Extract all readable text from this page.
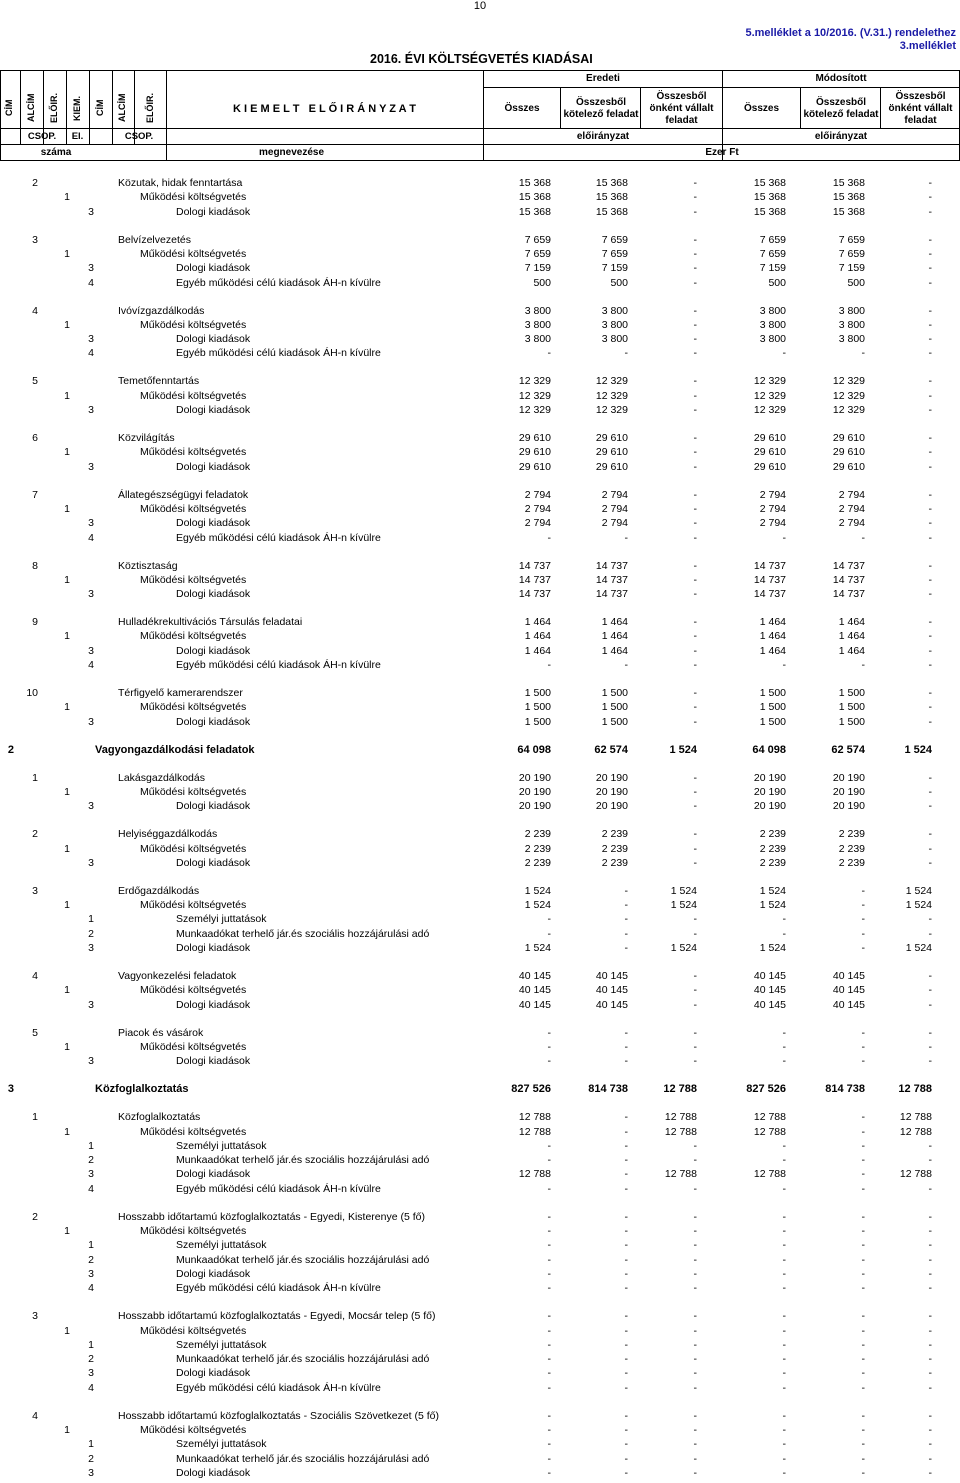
10
5.melléklet a 10/2016. (V.31.) rendelethez
3.melléklet
2016. ÉVI KÖLTSÉGVETÉS KIADÁSAI
CÍM ALCÍM ELŐIR. KIEM. CÍM ALCÍM ELŐIR.	K I E M E L T   E L Ő I R Á N Y Z A T
Eredeti	Módosított
Összes
Összesből kötelező feladat
Összesből önként vállalt feladat
Összes
Összesből kötelező feladat
Összesből önként vállalt feladat
CSOP.	El.	CSOP.	előirányzat	előirányzat
száma	megnevezése	Ezer Ft
2	Közutak, hidak fenntartása	15 368	15 368	-	15 368	15 368	-
1	Működési költségvetés	15 368	15 368	-	15 368	15 368	-
3	Dologi kiadások	15 368	15 368	-	15 368	15 368	-
3	Belvízelvezetés	7 659	7 659	-	7 659	7 659	-
1	Működési költségvetés	7 659	7 659	-	7 659	7 659	-
3	Dologi kiadások	7 159	7 159	-	7 159	7 159	-
4	Egyéb működési célú kiadások ÁH-n kívülre	500	500	-	500	500	-
4	Ivóvízgazdálkodás	3 800	3 800	-	3 800	3 800	-
1	Működési költségvetés	3 800	3 800	-	3 800	3 800	-
3	Dologi kiadások	3 800	3 800	-	3 800	3 800	-
4	Egyéb működési célú kiadások ÁH-n kívülre	-	-	-	-	-	-
5	Temetőfenntartás	12 329	12 329	-	12 329	12 329	-
1	Működési költségvetés	12 329	12 329	-	12 329	12 329	-
3	Dologi kiadások	12 329	12 329	-	12 329	12 329	-
6	Közvilágítás	29 610	29 610	-	29 610	29 610	-
1	Működési költségvetés	29 610	29 610	-	29 610	29 610	-
3	Dologi kiadások	29 610	29 610	-	29 610	29 610	-
7	Állategészségügyi feladatok	2 794	2 794	-	2 794	2 794	-
1	Működési költségvetés	2 794	2 794	-	2 794	2 794	-
3	Dologi kiadások	2 794	2 794	-	2 794	2 794	-
4	Egyéb működési célú kiadások ÁH-n kívülre	-	-	-	-	-	-
8	Köztisztaság	14 737	14 737	-	14 737	14 737	-
1	Működési költségvetés	14 737	14 737	-	14 737	14 737	-
3	Dologi kiadások	14 737	14 737	-	14 737	14 737	-
9	Hulladékrekultivációs Társulás feladatai	1 464	1 464	-	1 464	1 464	-
1	Működési költségvetés	1 464	1 464	-	1 464	1 464	-
3	Dologi kiadások	1 464	1 464	-	1 464	1 464	-
4	Egyéb működési célú kiadások ÁH-n kívülre	-	-	-	-	-	-
10	Térfigyelő kamerarendszer	1 500	1 500	-	1 500	1 500	-
1	Működési költségvetés	1 500	1 500	-	1 500	1 500	-
3	Dologi kiadások	1 500	1 500	-	1 500	1 500	-
2	Vagyongazdálkodási feladatok	64 098	62 574	1 524	64 098	62 574	1 524
1	Lakásgazdálkodás	20 190	20 190	-	20 190	20 190	-
1	Működési költségvetés	20 190	20 190	-	20 190	20 190	-
3	Dologi kiadások	20 190	20 190	-	20 190	20 190	-
2	Helyiséggazdálkodás	2 239	2 239	-	2 239	2 239	-
1	Működési költségvetés	2 239	2 239	-	2 239	2 239	-
3	Dologi kiadások	2 239	2 239	-	2 239	2 239	-
3	Erdőgazdálkodás	1 524	-	1 524	1 524	-	1 524
1	Működési költségvetés	1 524	-	1 524	1 524	-	1 524
1	Személyi juttatások	-	-	-	-	-	-
2	Munkaadókat terhelő jár.és szociális hozzájárulási adó	-	-	-	-	-	-
3	Dologi kiadások	1 524	-	1 524	1 524	-	1 524
4	Vagyonkezelési feladatok	40 145	40 145	-	40 145	40 145	-
1	Működési költségvetés	40 145	40 145	-	40 145	40 145	-
3	Dologi kiadások	40 145	40 145	-	40 145	40 145	-
5	Piacok és vásárok	-	-	-	-	-	-
1	Működési költségvetés	-	-	-	-	-	-
3	Dologi kiadások	-	-	-	-	-	-
3	Közfoglalkoztatás	827 526	814 738	12 788	827 526	814 738	12 788
1	Közfoglalkoztatás	12 788	-	12 788	12 788	-	12 788
1	Működési költségvetés	12 788	-	12 788	12 788	-	12 788
1	Személyi juttatások	-	-	-	-	-	-
2	Munkaadókat terhelő jár.és szociális hozzájárulási adó	-	-	-	-	-	-
3	Dologi kiadások	12 788	-	12 788	12 788	-	12 788
4	Egyéb működési célú kiadások ÁH-n kívülre	-	-	-	-	-	-
2	Hosszabb időtartamú közfoglalkoztatás - Egyedi, Kisterenye (5 fő)	-	-	-	-	-	-
1	Működési költségvetés	-	-	-	-	-	-
1	Személyi juttatások	-	-	-	-	-	-
2	Munkaadókat terhelő jár.és szociális hozzájárulási adó	-	-	-	-	-	-
3	Dologi kiadások	-	-	-	-	-	-
4	Egyéb működési célú kiadások ÁH-n kívülre	-	-	-	-	-	-
3	Hosszabb időtartamú közfoglalkoztatás - Egyedi, Mocsár telep (5 fő)	-	-	-	-	-	-
1	Működési költségvetés	-	-	-	-	-	-
1	Személyi juttatások	-	-	-	-	-	-
2	Munkaadókat terhelő jár.és szociális hozzájárulási adó	-	-	-	-	-	-
3	Dologi kiadások	-	-	-	-	-	-
4	Egyéb működési célú kiadások ÁH-n kívülre	-	-	-	-	-	-
4	Hosszabb időtartamú közfoglalkoztatás - Szociális Szövetkezet (5 fő)	-	-	-	-	-	-
1	Működési költségvetés	-	-	-	-	-	-
1	Személyi juttatások	-	-	-	-	-	-
2	Munkaadókat terhelő jár.és szociális hozzájárulási adó	-	-	-	-	-	-
3	Dologi kiadások	-	-	-	-	-	-
